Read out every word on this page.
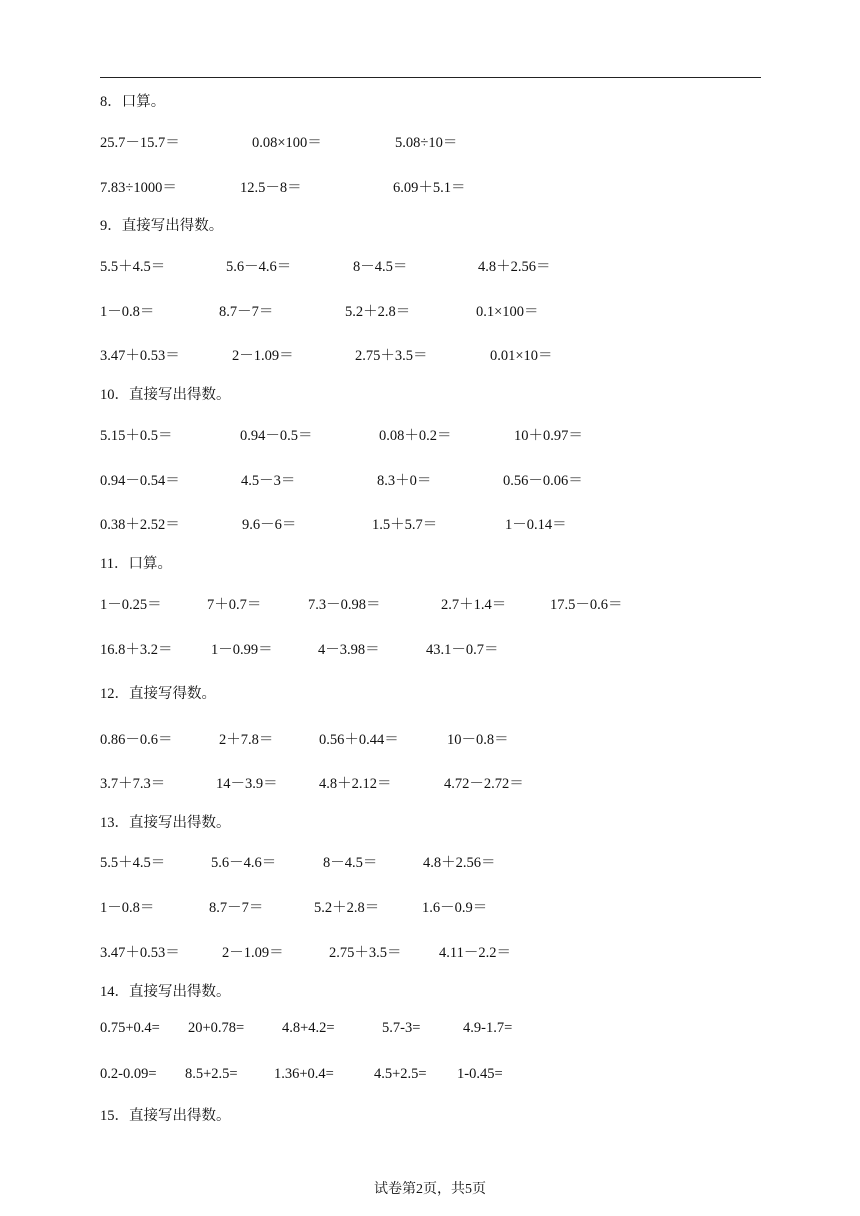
8．口算。
25.7－15.7＝	0.08×100＝	5.08÷10＝
7.83÷1000＝	12.5－8＝	6.09＋5.1＝
9．直接写出得数。
5.5＋4.5＝	5.6－4.6＝	8－4.5＝	4.8＋2.56＝
1－0.8＝	8.7－7＝	5.2＋2.8＝	0.1×100＝
3.47＋0.53＝	2－1.09＝	2.75＋3.5＝	0.01×10＝
10．直接写出得数。
5.15＋0.5＝	0.94－0.5＝	0.08＋0.2＝	10＋0.97＝
0.94－0.54＝	4.5－3＝	8.3＋0＝	0.56－0.06＝
0.38＋2.52＝	9.6－6＝	1.5＋5.7＝	1－0.14＝
11．口算。
1－0.25＝	7＋0.7＝	7.3－0.98＝	2.7＋1.4＝	17.5－0.6＝
16.8＋3.2＝	1－0.99＝	4－3.98＝	43.1－0.7＝
12．直接写得数。
0.86－0.6＝	2＋7.8＝	0.56＋0.44＝	10－0.8＝
3.7＋7.3＝	14－3.9＝	4.8＋2.12＝	4.72－2.72＝
13．直接写出得数。
5.5＋4.5＝	5.6－4.6＝	8－4.5＝	4.8＋2.56＝
1－0.8＝	8.7－7＝	5.2＋2.8＝	1.6－0.9＝
3.47＋0.53＝	2－1.09＝	2.75＋3.5＝	4.11－2.2＝
14．直接写出得数。
0.75+0.4= 20+0.78=	4.8+4.2=	5.7-3=	4.9-1.7=
0.2-0.09= 8.5+2.5=	1.36+0.4=	4.5+2.5= 1-0.45=
15．直接写出得数。
试卷第2页，共5页
